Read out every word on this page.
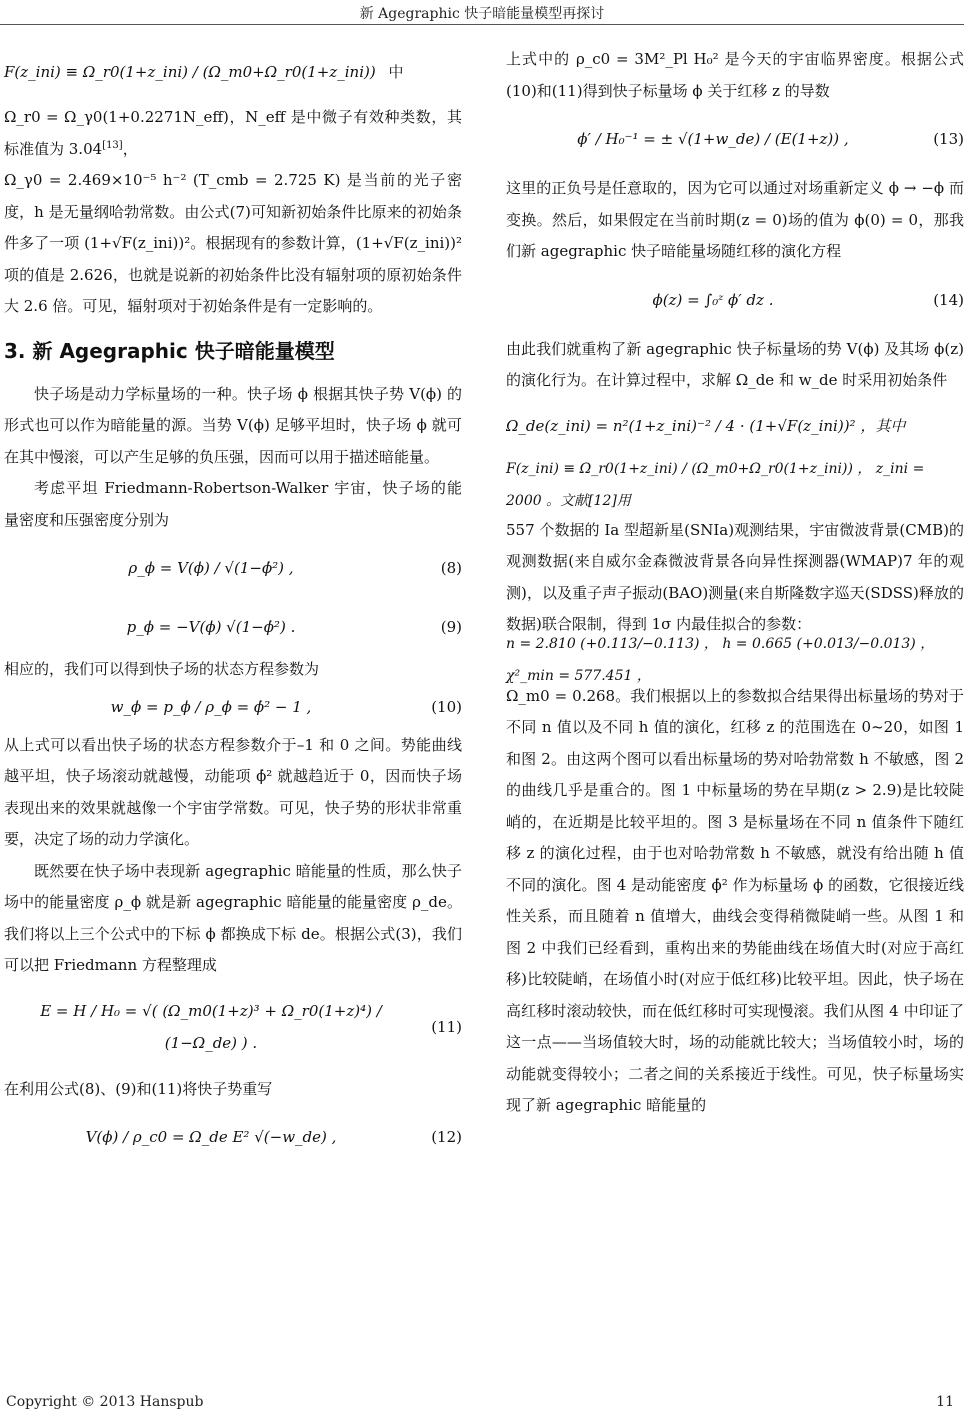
新 Agegraphic 快子暗能量模型再探讨
F(z_ini) ≡ Ω_r0(1+z_ini) / (Ω_m0+Ω_r0(1+z_ini)) 中

Ω_r0 = Ω_γ0(1+0.2271N_eff)，N_eff 是中微子有效种类数，其标准值为 3.04[13]，

Ω_γ0 = 2.469×10⁻⁵ h⁻² (T_cmb = 2.725 K) 是当前的光子密度，h 是无量纲哈勃常数。由公式(7)可知新初始条件比原来的初始条件多了一项 (1+√F(z_ini))²。根据现有的参数计算，(1+√F(z_ini))² 项的值是 2.626，也就是说新的初始条件比没有辐射项的原初始条件大 2.6 倍。可见，辐射项对于初始条件是有一定影响的。

3. 新 Agegraphic 快子暗能量模型

快子场是动力学标量场的一种。快子场 ϕ 根据其快子势 V(ϕ) 的形式也可以作为暗能量的源。当势 V(ϕ) 足够平坦时，快子场 ϕ 就可在其中慢滚，可以产生足够的负压强，因而可以用于描述暗能量。

考虑平坦 Friedmann-Robertson-Walker 宇宙，快子场的能量密度和压强密度分别为

ρ_ϕ = V(ϕ) / √(1−ϕ̇²) ,	(8)
p_ϕ = −V(ϕ) √(1−ϕ̇²) .	(9)

相应的，我们可以得到快子场的状态方程参数为

w_ϕ = p_ϕ / ρ_ϕ = ϕ̇² − 1 ,	(10)

从上式可以看出快子场的状态方程参数介于–1 和 0 之间。势能曲线越平坦，快子场滚动就越慢，动能项 ϕ̇² 就越趋近于 0，因而快子场表现出来的效果就越像一个宇宙学常数。可见，快子势的形状非常重要，决定了场的动力学演化。

既然要在快子场中表现新 agegraphic 暗能量的性质，那么快子场中的能量密度 ρ_ϕ 就是新 agegraphic 暗能量的能量密度 ρ_de。我们将以上三个公式中的下标 ϕ 都换成下标 de。根据公式(3)，我们可以把 Friedmann 方程整理成

E = H / H₀ = √( (Ω_m0(1+z)³ + Ω_r0(1+z)⁴) / (1−Ω_de) ) .
(11)

在利用公式(8)、(9)和(11)将快子势重写

V(ϕ) / ρ_c0 = Ω_de E² √(−w_de) ,	(12)

上式中的 ρ_c0 = 3M²_Pl H₀² 是今天的宇宙临界密度。根据公式(10)和(11)得到快子标量场 ϕ 关于红移 z 的导数

ϕ′ / H₀⁻¹ = ± √(1+w_de) / (E(1+z)) ,	(13)

这里的正负号是任意取的，因为它可以通过对场重新定义 ϕ → −ϕ 而变换。然后，如果假定在当前时期(z = 0)场的值为 ϕ(0) = 0，那我们新 agegraphic 快子暗能量场随红移的演化方程

ϕ(z) = ∫₀ᶻ ϕ′ dz .	(14)

由此我们就重构了新 agegraphic 快子标量场的势 V(ϕ) 及其场 ϕ(z) 的演化行为。在计算过程中，求解 Ω_de 和 w_de 时采用初始条件

Ω_de(z_ini) = n²(1+z_ini)⁻² / 4 · (1+√F(z_ini))² ，其中
F(z_ini) ≡ Ω_r0(1+z_ini) / (Ω_m0+Ω_r0(1+z_ini)) ， z_ini = 2000 。文献[12]用

557 个数据的 Ia 型超新星(SNIa)观测结果，宇宙微波背景(CMB)的观测数据(来自威尔金森微波背景各向异性探测器(WMAP)7 年的观测)，以及重子声子振动(BAO)测量(来自斯隆数字巡天(SDSS)释放的数据)联合限制，得到 1σ 内最佳拟合的参数：

n = 2.810 (+0.113/−0.113) ， h = 0.665 (+0.013/−0.013) ， χ²_min = 577.451 ，

Ω_m0 = 0.268。我们根据以上的参数拟合结果得出标量场的势对于不同 n 值以及不同 h 值的演化，红移 z 的范围选在 0~20，如图 1 和图 2。由这两个图可以看出标量场的势对哈勃常数 h 不敏感，图 2 的曲线几乎是重合的。图 1 中标量场的势在早期(z > 2.9)是比较陡峭的，在近期是比较平坦的。图 3 是标量场在不同 n 值条件下随红移 z 的演化过程，由于也对哈勃常数 h 不敏感，就没有给出随 h 值不同的演化。图 4 是动能密度 ϕ̇² 作为标量场 ϕ 的函数，它很接近线性关系，而且随着 n 值增大，曲线会变得稍微陡峭一些。从图 1 和图 2 中我们已经看到，重构出来的势能曲线在场值大时(对应于高红移)比较陡峭，在场值小时(对应于低红移)比较平坦。因此，快子场在高红移时滚动较快，而在低红移时可实现慢滚。我们从图 4 中印证了这一点——当场值较大时，场的动能就比较大；当场值较小时，场的动能就变得较小；二者之间的关系接近于线性。可见，快子标量场实现了新 agegraphic 暗能量的

Copyright © 2013 Hanspub	11
